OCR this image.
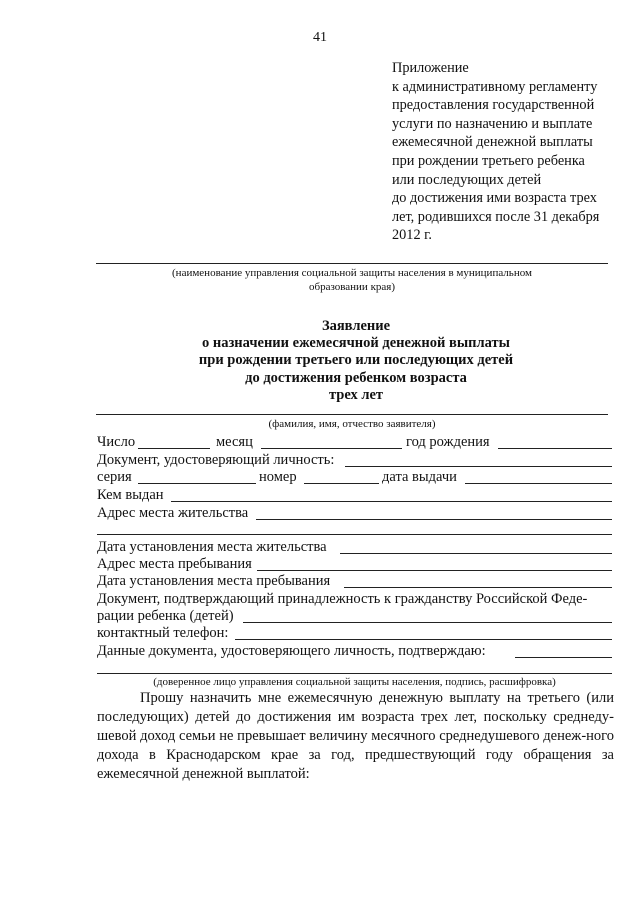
41
Приложение
к административному регламенту
предоставления государственной
услуги по назначению и выплате
ежемесячной денежной выплаты
при рождении третьего ребенка
или последующих детей
до достижения ими возраста трех
лет, родившихся после 31 декабря
2012 г.
(наименование управления социальной защиты населения в муниципальном
образовании края)
Заявление
о назначении ежемесячной денежной выплаты
при рождении третьего или последующих детей
до достижения ребенком возраста
трех лет
(фамилия, имя, отчество заявителя)
Число	месяц	год рождения
Документ, удостоверяющий личность:
серия	номер	дата выдачи
Кем выдан
Адрес места жительства
Дата установления места жительства
Адрес места пребывания
Дата установления места пребывания
Документ, подтверждающий принадлежность к гражданству Российской Феде-
рации ребенка (детей)
контактный телефон:
Данные документа, удостоверяющего личность, подтверждаю:
(доверенное лицо управления социальной защиты населения, подпись, расшифровка)

Прошу назначить мне ежемесячную денежную выплату на третьего (или последующих) детей до достижения им возраста трех лет, поскольку среднеду-шевой доход семьи не превышает величину месячного среднедушевого денеж-ного дохода в Краснодарском крае за год, предшествующий году обращения за ежемесячной денежной выплатой:
